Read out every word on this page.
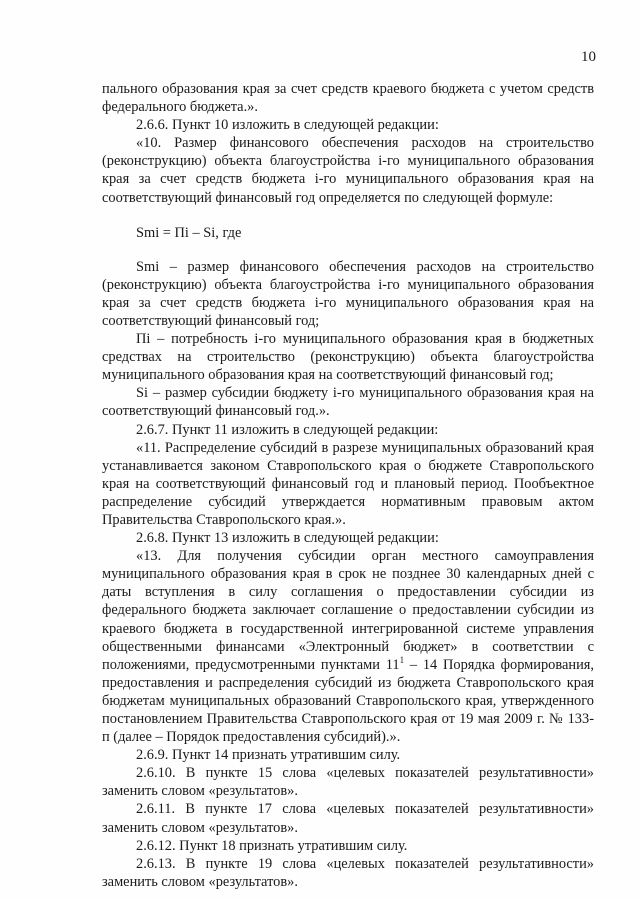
10

пального образования края за счет средств краевого бюджета с учетом средств федерального бюджета.».

2.6.6. Пункт 10 изложить в следующей редакции:

«10. Размер финансового обеспечения расходов на строительство (реконструкцию) объекта благоустройства i-го муниципального образования края за счет средств бюджета i-го муниципального образования края на соответствующий финансовый год определяется по следующей формуле:

Smi = Пi – Si, где

Smi – размер финансового обеспечения расходов на строительство (реконструкцию) объекта благоустройства i-го муниципального образования края за счет средств бюджета i-го муниципального образования края на соответствующий финансовый год;

Пi – потребность i-го муниципального образования края в бюджетных средствах на строительство (реконструкцию) объекта благоустройства муниципального образования края на соответствующий финансовый год;

Si – размер субсидии бюджету i-го муниципального образования края на соответствующий финансовый год.».

2.6.7. Пункт 11 изложить в следующей редакции:

«11. Распределение субсидий в разрезе муниципальных образований края устанавливается законом Ставропольского края о бюджете Ставропольского края на соответствующий финансовый год и плановый период. Пообъектное распределение субсидий утверждается нормативным правовым актом Правительства Ставропольского края.».

2.6.8. Пункт 13 изложить в следующей редакции:

«13. Для получения субсидии орган местного самоуправления муниципального образования края в срок не позднее 30 календарных дней с даты вступления в силу соглашения о предоставлении субсидии из федерального бюджета заключает соглашение о предоставлении субсидии из краевого бюджета в государственной интегрированной системе управления общественными финансами «Электронный бюджет» в соответствии с положениями, предусмотренными пунктами $11^1 - 14$ Порядка формирования, предоставления и распределения субсидий из бюджета Ставропольского края бюджетам муниципальных образований Ставропольского края, утвержденного постановлением Правительства Ставропольского края от 19 мая 2009 г. № 133-п (далее – Порядок предоставления субсидий).».

2.6.9. Пункт 14 признать утратившим силу.

2.6.10. В пункте 15 слова «целевых показателей результативности» заменить словом «результатов».

2.6.11. В пункте 17 слова «целевых показателей результативности» заменить словом «результатов».

2.6.12. Пункт 18 признать утратившим силу.

2.6.13. В пункте 19 слова «целевых показателей результативности» заменить словом «результатов».
